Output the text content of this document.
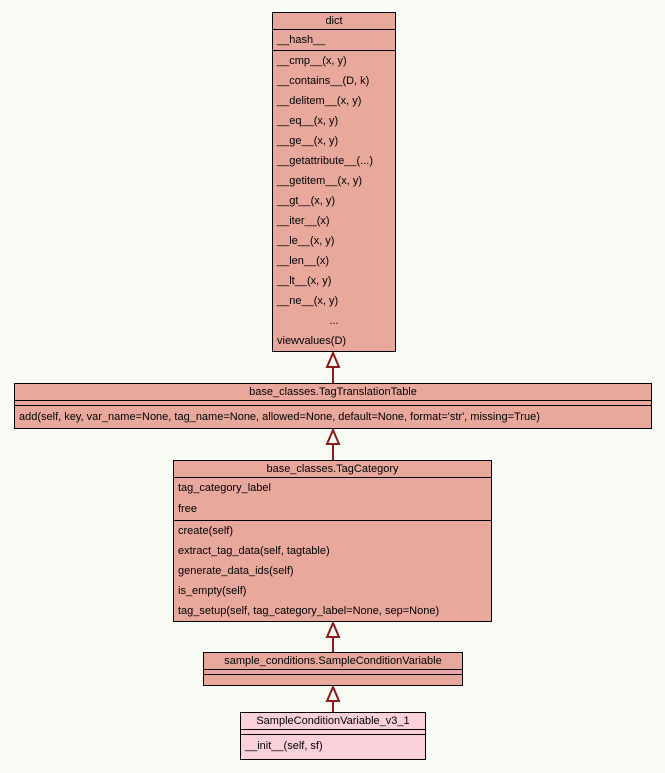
dict
__hash__
__cmp__(x, y)
__contains__(D, k)
__delitem__(x, y)
__eq__(x, y)
__ge__(x, y)
__getattribute__(...)
__getitem__(x, y)
__gt__(x, y)
__iter__(x)
__le__(x, y)
__len__(x)
__lt__(x, y)
__ne__(x, y)
...
viewvalues(D)
base_classes.TagTranslationTable
add(self, key, var_name=None, tag_name=None, allowed=None, default=None, format='str', missing=True)
base_classes.TagCategory
tag_category_label
free
create(self)
extract_tag_data(self, tagtable)
generate_data_ids(self)
is_empty(self)
tag_setup(self, tag_category_label=None, sep=None)
sample_conditions.SampleConditionVariable
SampleConditionVariable_v3_1
__init__(self, sf)
